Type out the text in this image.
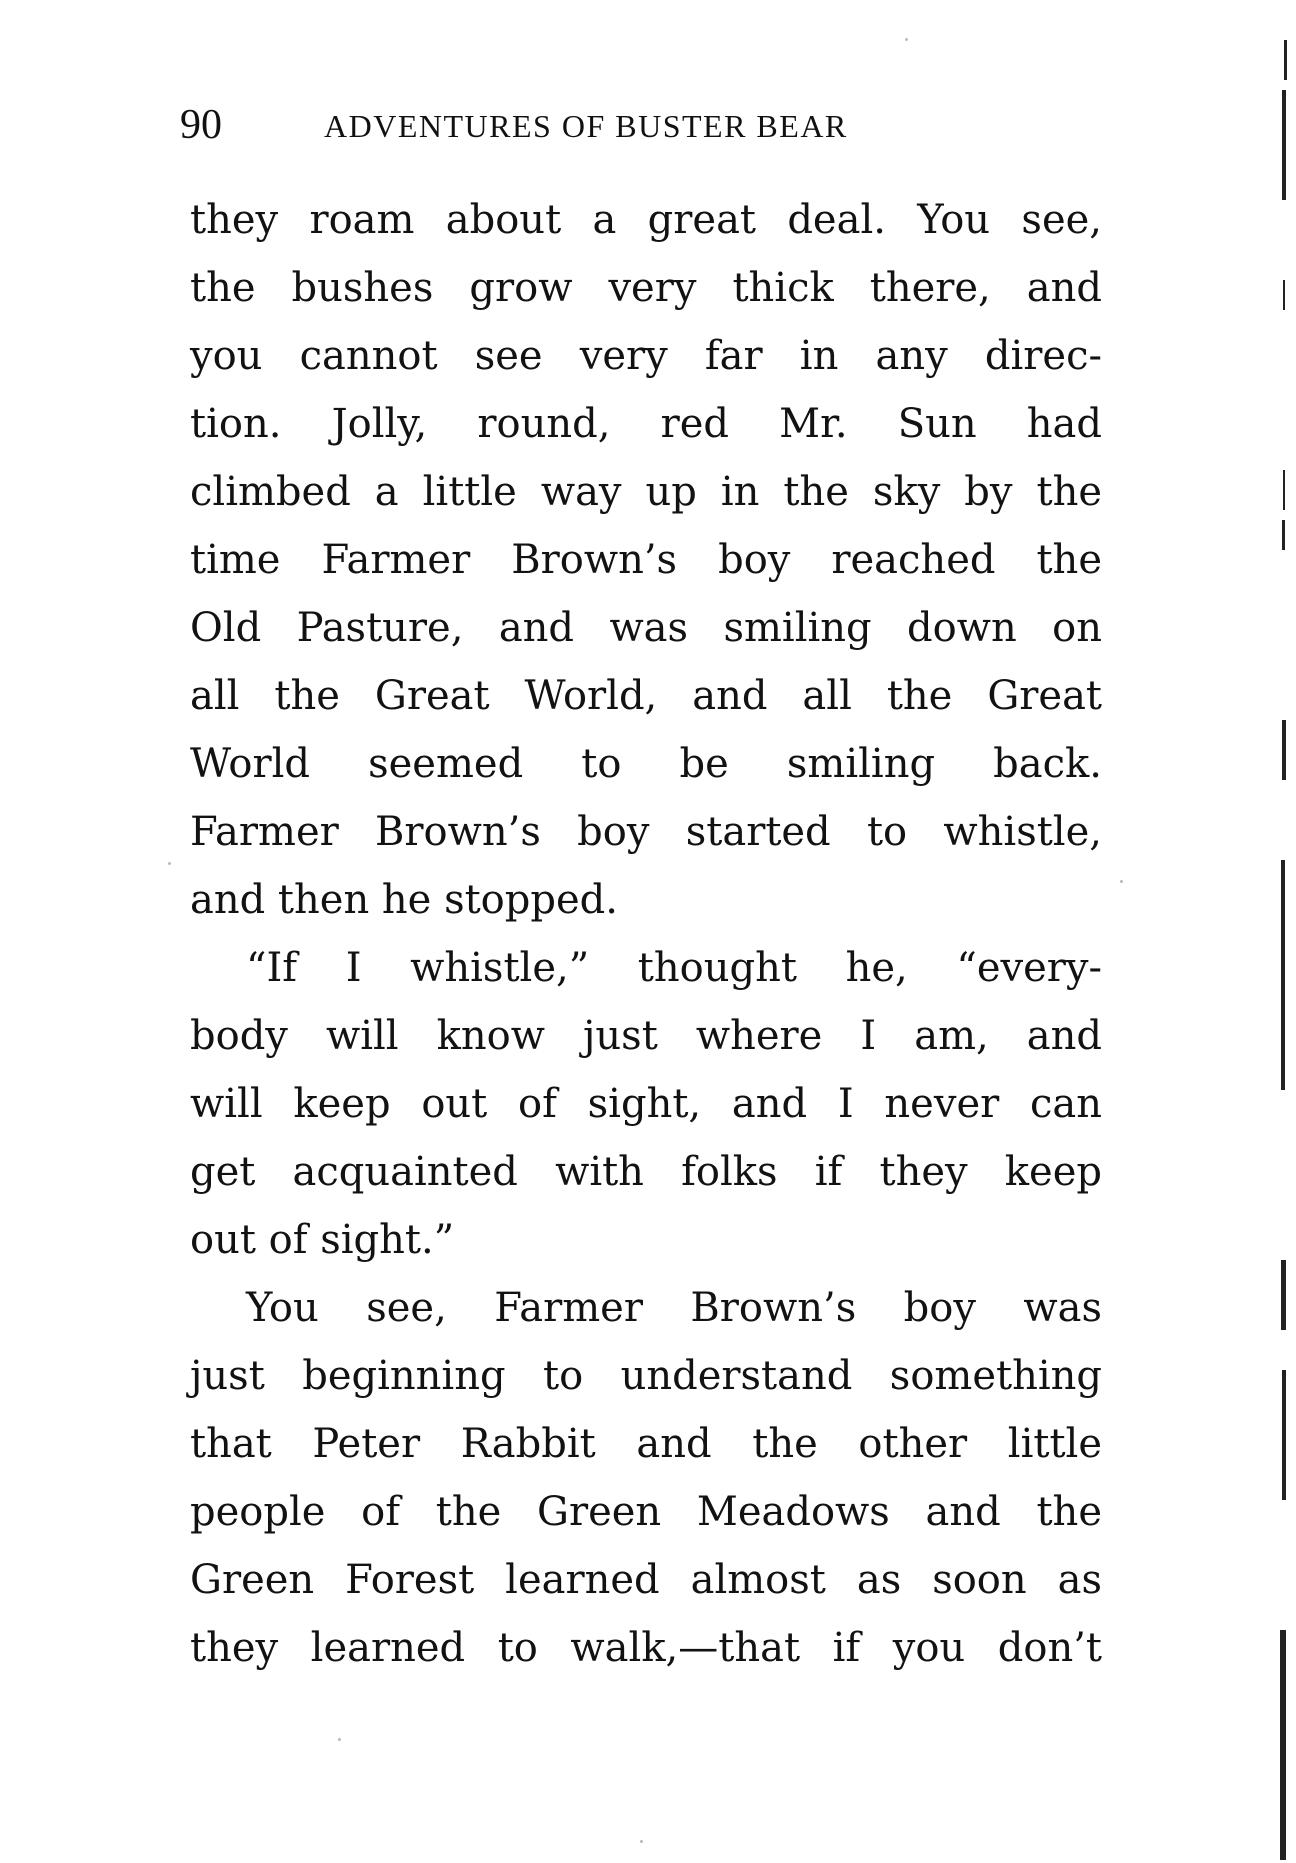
90	ADVENTURES OF BUSTER BEAR
they roam about a great deal. You see,
the bushes grow very thick there, and
you cannot see very far in any direc-
tion. Jolly, round, red Mr. Sun had
climbed a little way up in the sky by the
time Farmer Brown’s boy reached the
Old Pasture, and was smiling down on
all the Great World, and all the Great
World seemed to be smiling back.
Farmer Brown’s boy started to whistle,
and then he stopped.
“If I whistle,” thought he, “every-
body will know just where I am, and
will keep out of sight, and I never can
get acquainted with folks if they keep
out of sight.”
You see, Farmer Brown’s boy was
just beginning to understand something
that Peter Rabbit and the other little
people of the Green Meadows and the
Green Forest learned almost as soon as
they learned to walk,—that if you don’t
